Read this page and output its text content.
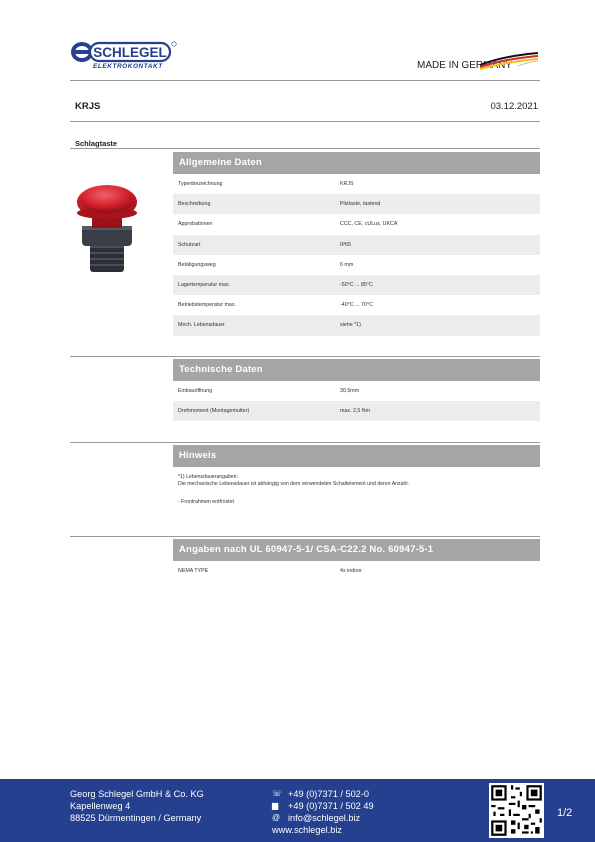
SCHLEGEL
ELEKTROKONTAKT	MADE IN GERMANY
KRJS	03.12.2021
Schlagtaste
Allgemeine Daten
Typenbezeichnung	KRJS
Beschreibung	Pilztaste, tastend
Approbationen	CCC, CE, cULus, UKCA
Schutzart	IP65
Betätigungsweg	6 mm
Lagertemperatur max.	-50°C ... 85°C
Betriebstemperatur max.	-40°C ... 70°C
Mech. Lebensdauer	siehe *1)
Technische Daten
Einbauöffnung	30,5mm
Drehmoment (Montagemutter)	max. 2,5 Nm
Hinweis
*1) Lebensdauerangaben:
Die mechanische Lebensdauer ist abhängig von dem verwendeten Schaltelement und deren Anzahl.
- Frontrahmen entfrostet
Angaben nach UL 60947-5-1/ CSA-C22.2 No. 60947-5-1
NEMA TYPE	4x indoor
Georg Schlegel GmbH & Co. KG
Kapellenweg 4
88525 Dürmentingen / Germany
☏ +49 (0)7371 / 502-0
▆	+49 (0)7371 / 502 49
@ info@schlegel.biz
www.schlegel.biz
1/2
